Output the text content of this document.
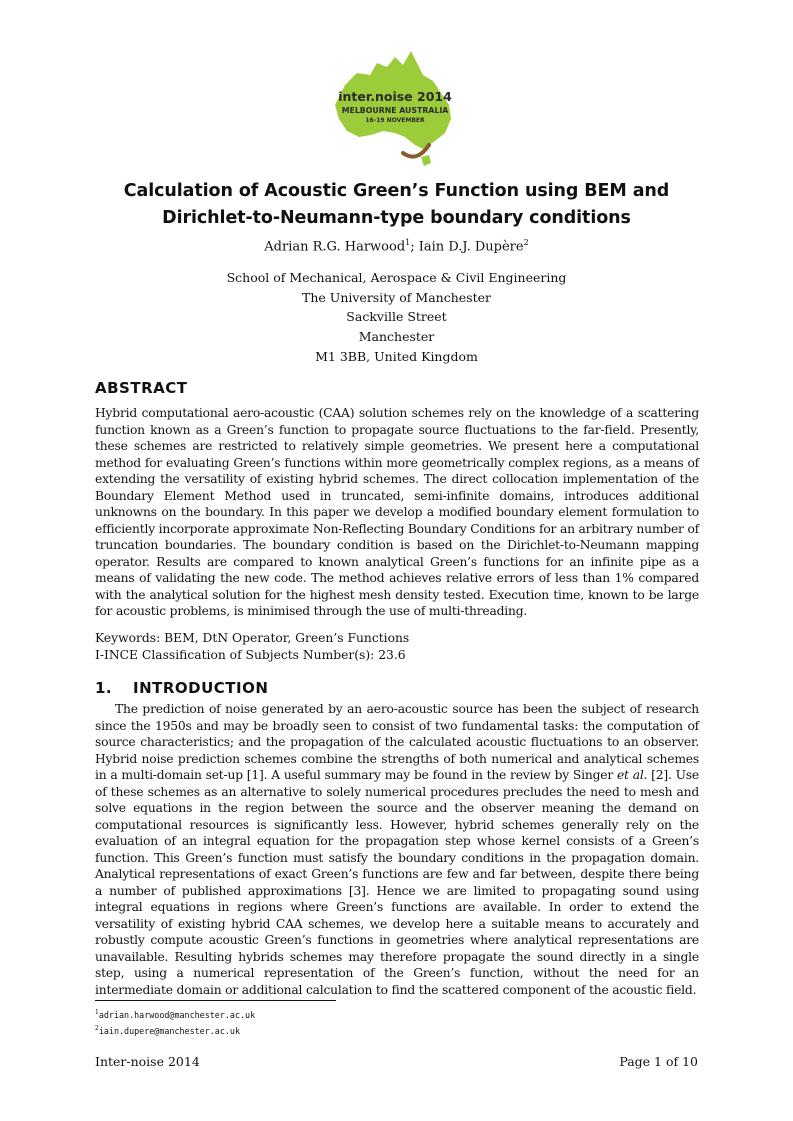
inter.noise 2014
MELBOURNE AUSTRALIA
16-19 NOVEMBER
Calculation of Acoustic Green’s Function using BEM and
Dirichlet-to-Neumann-type boundary conditions
Adrian R.G. Harwood$^1$; Iain D.J. Dupère$^2$
School of Mechanical, Aerospace & Civil Engineering
The University of Manchester
Sackville Street
Manchester
M1 3BB, United Kingdom
ABSTRACT
Hybrid computational aero-acoustic (CAA) solution schemes rely on the knowledge of a scattering function known as a Green’s function to propagate source fluctuations to the far-field. Presently, these schemes are restricted to relatively simple geometries. We present here a computational method for evaluating Green’s functions within more geometrically complex regions, as a means of extending the versatility of existing hybrid schemes. The direct collocation implementation of the Boundary Element Method used in truncated, semi-infinite domains, introduces additional unknowns on the boundary. In this paper we develop a modified boundary element formulation to efficiently incorporate approximate Non-Reflecting Boundary Conditions for an arbitrary number of truncation boundaries. The boundary condition is based on the Dirichlet-to-Neumann mapping operator. Results are compared to known analytical Green’s functions for an infinite pipe as a means of validating the new code. The method achieves relative errors of less than 1% compared with the analytical solution for the highest mesh density tested. Execution time, known to be large for acoustic problems, is minimised through the use of multi-threading.
Keywords: BEM, DtN Operator, Green’s Functions
I-INCE Classification of Subjects Number(s): 23.6
1. INTRODUCTION
The prediction of noise generated by an aero-acoustic source has been the subject of research since the 1950s and may be broadly seen to consist of two fundamental tasks: the computation of source characteristics; and the propagation of the calculated acoustic fluctuations to an observer. Hybrid noise prediction schemes combine the strengths of both numerical and analytical schemes in a multi-domain set-up [1]. A useful summary may be found in the review by Singer et al. [2]. Use of these schemes as an alternative to solely numerical procedures precludes the need to mesh and solve equations in the region between the source and the observer meaning the demand on computational resources is significantly less. However, hybrid schemes generally rely on the evaluation of an integral equation for the propagation step whose kernel consists of a Green’s function. This Green’s function must satisfy the boundary conditions in the propagation domain. Analytical representations of exact Green’s functions are few and far between, despite there being a number of published approximations [3]. Hence we are limited to propagating sound using integral equations in regions where Green’s functions are available. In order to extend the versatility of existing hybrid CAA schemes, we develop here a suitable means to accurately and robustly compute acoustic Green’s functions in geometries where analytical representations are unavailable. Resulting hybrids schemes may therefore propagate the sound directly in a single step, using a numerical representation of the Green’s function, without the need for an intermediate domain or additional calculation to find the scattered component of the acoustic field.
$^1$adrian.harwood@manchester.ac.uk
$^2$iain.dupere@manchester.ac.uk
Inter-noise 2014	Page 1 of 10
